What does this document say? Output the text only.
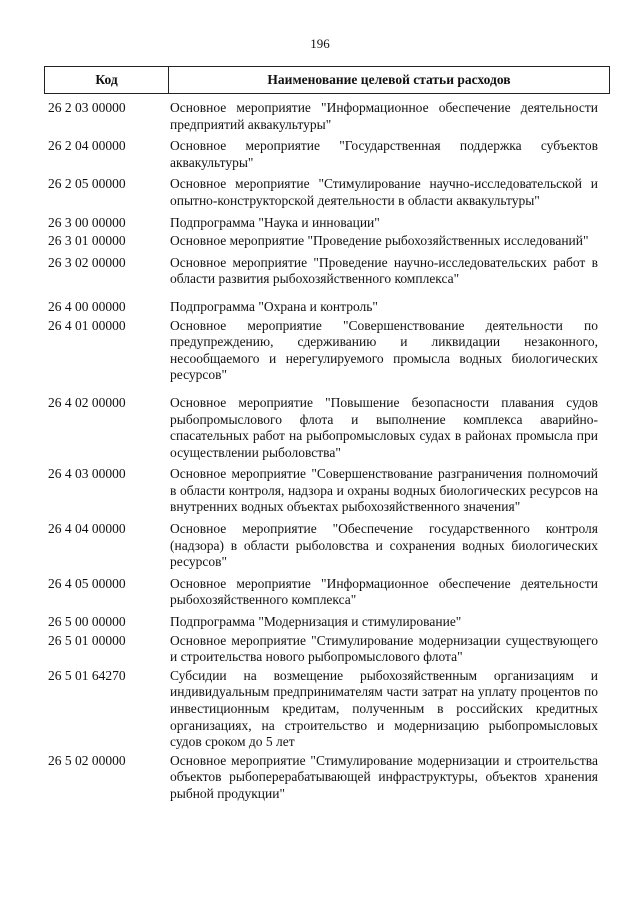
196
Код	Наименование целевой статьи расходов
26 2 03 00000	Основное мероприятие "Информационное обеспечение деятельности предприятий аквакультуры"
26 2 04 00000	Основное мероприятие "Государственная поддержка субъектов аквакультуры"
26 2 05 00000	Основное мероприятие "Стимулирование научно-исследовательской и опытно-конструкторской деятельности в области аквакультуры"
26 3 00 00000	Подпрограмма "Наука и инновации"
26 3 01 00000	Основное мероприятие "Проведение рыбохозяйственных исследований"
26 3 02 00000	Основное мероприятие "Проведение научно-исследовательских работ в области развития рыбохозяйственного комплекса"
26 4 00 00000	Подпрограмма "Охрана и контроль"
26 4 01 00000	Основное мероприятие "Совершенствование деятельности по предупреждению, сдерживанию и ликвидации незаконного, несообщаемого и нерегулируемого промысла водных биологических ресурсов"
26 4 02 00000	Основное мероприятие "Повышение безопасности плавания судов рыбопромыслового флота и выполнение комплекса аварийно-спасательных работ на рыбопромысловых судах в районах промысла при осуществлении рыболовства"
26 4 03 00000	Основное мероприятие "Совершенствование разграничения полномочий в области контроля, надзора и охраны водных биологических ресурсов на внутренних водных объектах рыбохозяйственного значения"
26 4 04 00000	Основное мероприятие "Обеспечение государственного контроля (надзора) в области рыболовства и сохранения водных биологических ресурсов"
26 4 05 00000	Основное мероприятие "Информационное обеспечение деятельности рыбохозяйственного комплекса"
26 5 00 00000	Подпрограмма "Модернизация и стимулирование"
26 5 01 00000	Основное мероприятие "Стимулирование модернизации существующего и строительства нового рыбопромыслового флота"
26 5 01 64270	Субсидии на возмещение рыбохозяйственным организациям и индивидуальным предпринимателям части затрат на уплату процентов по инвестиционным кредитам, полученным в российских кредитных организациях, на строительство и модернизацию рыбопромысловых судов сроком до 5 лет
26 5 02 00000	Основное мероприятие "Стимулирование модернизации и строительства объектов рыбоперерабатывающей инфраструктуры, объектов хранения рыбной продукции"
